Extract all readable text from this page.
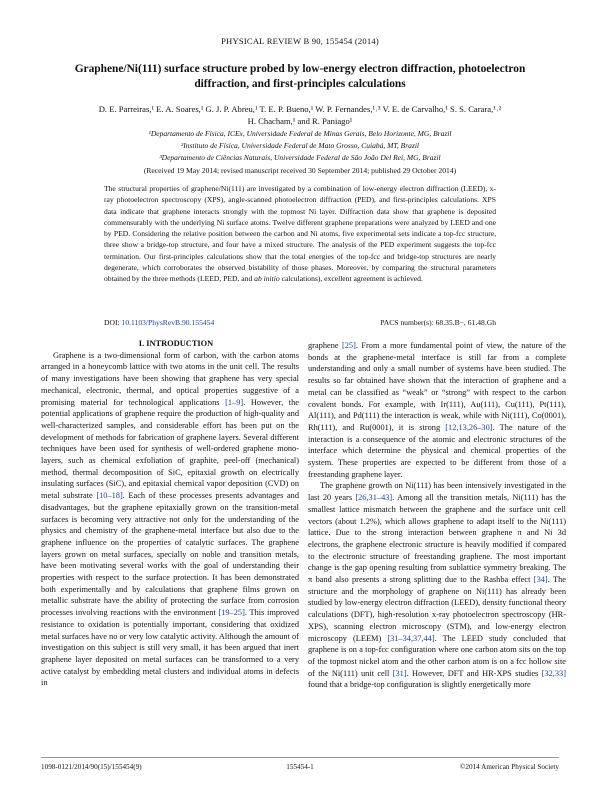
PHYSICAL REVIEW B 90, 155454 (2014)
Graphene/Ni(111) surface structure probed by low-energy electron diffraction, photoelectron
diffraction, and first-principles calculations
D. E. Parreiras,¹ E. A. Soares,¹ G. J. P. Abreu,¹ T. E. P. Bueno,¹ W. P. Fernandes,¹˒³ V. E. de Carvalho,¹ S. S. Carara,¹˒²
H. Chacham,¹ and R. Paniago¹
¹Departamento de Física, ICEx, Universidade Federal de Minas Gerais, Belo Horizonte, MG, Brazil
²Instituto de Física, Universidade Federal de Mato Grosso, Cuiabá, MT, Brazil
³Departamento de Ciências Naturais, Universidade Federal de São João Del Rei, MG, Brazil
(Received 19 May 2014; revised manuscript received 30 September 2014; published 29 October 2014)

The structural properties of graphene/Ni(111) are investigated by a combination of low-energy electron diffraction (LEED), x-ray photoelectron spectroscopy (XPS), angle-scanned photoelectron diffraction (PED), and first-principles calculations. XPS data indicate that graphene interacts strongly with the topmost Ni layer. Diffraction data show that graphene is deposited commensurably with the underlying Ni surface atoms. Twelve different graphene preparations were analyzed by LEED and one by PED. Considering the relative position between the carbon and Ni atoms, five experimental sets indicate a top-fcc structure, three show a bridge-top structure, and four have a mixed structure. The analysis of the PED experiment suggests the top-fcc termination. Our first-principles calculations show that the total energies of the top-fcc and bridge-top structures are nearly degenerate, which corroborates the observed bistability of those phases. Moreover, by comparing the structural parameters obtained by the three methods (LEED, PED, and ab initio calculations), excellent agreement is achieved.

DOI: 10.1103/PhysRevB.90.155454	PACS number(s): 68.35.B−, 61.48.Gh

I. INTRODUCTION

Graphene is a two-dimensional form of carbon, with the carbon atoms arranged in a honeycomb lattice with two atoms in the unit cell. The results of many investigations have been showing that graphene has very special mechanical, electronic, thermal, and optical properties suggestive of a promising material for technological applications [1–9]. However, the potential applications of graphene require the production of high-quality and well-characterized samples, and considerable effort has been put on the development of methods for fabrication of graphene layers. Several different techniques have been used for synthesis of well-ordered graphene mono-layers, such as chemical exfoliation of graphite, peel-off (mechanical) method, thermal decomposition of SiC, epitaxial growth on electrically insulating surfaces (SiC), and epitaxial chemical vapor deposition (CVD) on metal substrate [10–18]. Each of these processes presents advantages and disadvantages, but the graphene epitaxially grown on the transition-metal surfaces is becoming very attractive not only for the understanding of the physics and chemistry of the graphene-metal interface but also due to the graphene influence on the properties of catalytic surfaces. The graphene layers grown on metal surfaces, specially on noble and transition metals, have been motivating several works with the goal of understanding their properties with respect to the surface protection. It has been demonstrated both experimentally and by calculations that graphene films grown on metallic substrate have the ability of protecting the surface from corrosion processes involving reactions with the environment [19–25]. This improved resistance to oxidation is potentially important, considering that oxidized metal surfaces have no or very low catalytic activity. Although the amount of investigation on this subject is still very small, it has been argued that inert graphene layer deposited on metal surfaces can be transformed to a very active catalyst by embedding metal clusters and individual atoms in defects in

graphene [25]. From a more fundamental point of view, the nature of the bonds at the graphene-metal interface is still far from a complete understanding and only a small number of systems have been studied. The results so far obtained have shown that the interaction of graphene and a metal can be classified as “weak” or “strong” with respect to the carbon covalent bonds. For example, with Ir(111), Au(111), Cu(111), Pt(111), Al(111), and Pd(111) the interaction is weak, while with Ni(111), Co(0001), Rh(111), and Ru(0001), it is strong [12,13,26–30]. The nature of the interaction is a consequence of the atomic and electronic structures of the interface which determine the physical and chemical properties of the system. These properties are expected to be different from those of a freestanding graphene layer.

The graphene growth on Ni(111) has been intensively investigated in the last 20 years [26,31–43]. Among all the transition metals, Ni(111) has the smallest lattice mismatch between the graphene and the surface unit cell vectors (about 1.2%), which allows graphene to adapt itself to the Ni(111) lattice. Due to the strong interaction between graphene π and Ni 3d electrons, the graphene electronic structure is heavily modified if compared to the electronic structure of freestanding graphene. The most important change is the gap opening resulting from sublattice symmetry breaking. The π band also presents a strong splitting due to the Rashba effect [34]. The structure and the morphology of graphene on Ni(111) has already been studied by low-energy electron diffraction (LEED), density functional theory calculations (DFT), high-resolution x-ray photoelectron spectroscopy (HR-XPS), scanning electron microscopy (STM), and low-energy electron microscopy (LEEM) [31–34,37,44]. The LEED study concluded that graphene is on a top-fcc configuration where one carbon atom sits on the top of the topmost nickel atom and the other carbon atom is on a fcc hollow site of the Ni(111) unit cell [31]. However, DFT and HR-XPS studies [32,33] found that a bridge-top configuration is slightly energetically more

1098-0121/2014/90(15)/155454(9)	155454-1	©2014 American Physical Society
